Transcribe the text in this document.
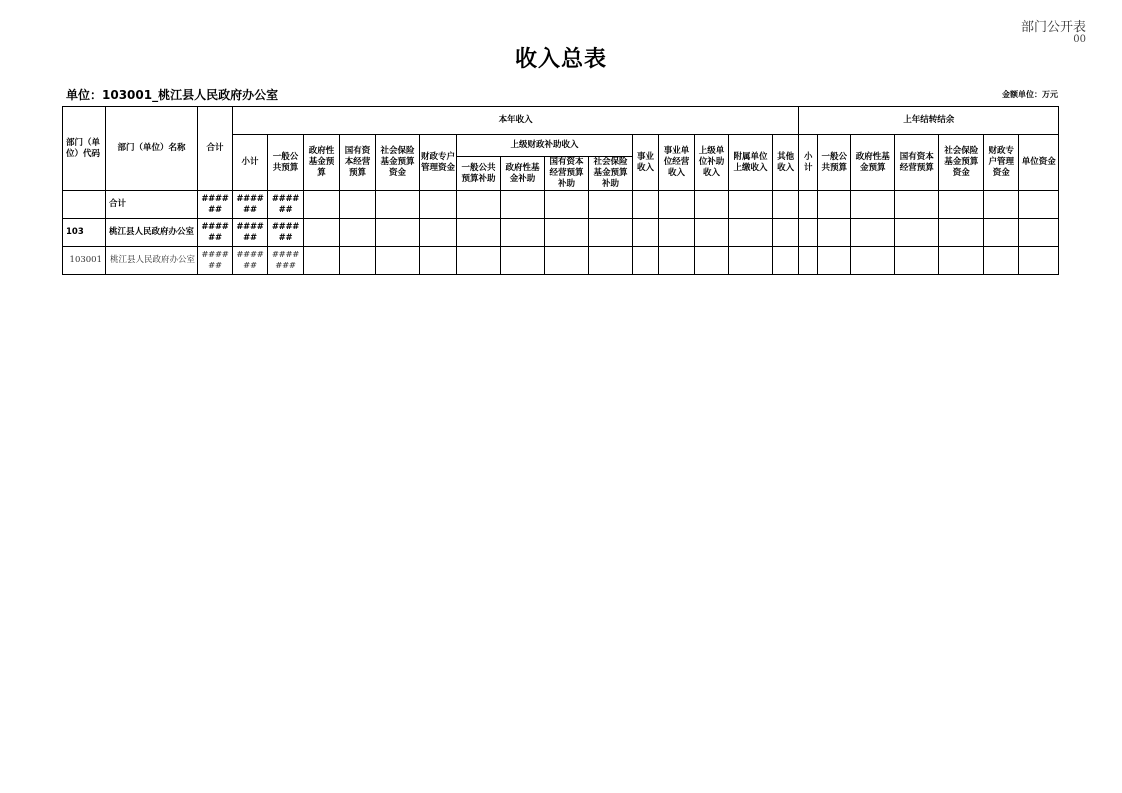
部门公开表
00
收入总表
单位：103001_桃江县人民政府办公室	金额单位：万元
部门（单位）代码	部门（单位）名称	合计	本年收入															上年结转结余						
			小计	一般公共预算	政府性基金预算	国有资本经营预算	社会保险基金预算资金	财政专户管理资金	上级财政补助收入				事业收入	事业单位经营收入	上级单位补助收入	附属单位上缴收入	其他收入	小计	一般公共预算	政府性基金预算	国有资本经营预算	社会保险基金预算资金	财政专户管理资金	单位资金
									一般公共预算补助	政府性基金补助	国有资本经营预算补助	社会保险基金预算补助												
	合计	######	######	######																				
103	桃江县人民政府办公室	######	######	######																				
103001	桃江县人民政府办公室	######	######	#######																				
